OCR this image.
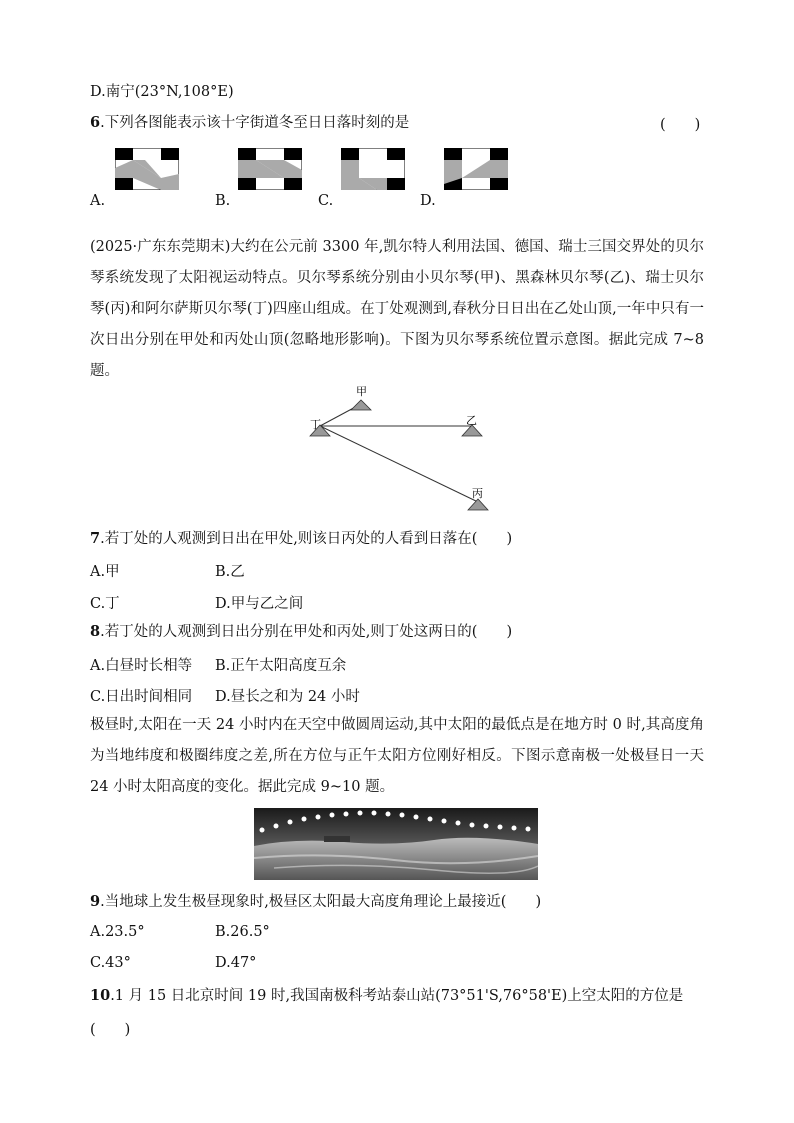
D.南宁(23°N,108°E)
6.下列各图能表示该十字街道冬至日日落时刻的是	(　　)
A.	B.	C.	D.
(2025·广东东莞期末)大约在公元前 3300 年,凯尔特人利用法国、德国、瑞士三国交界处的贝尔琴系统发现了太阳视运动特点。贝尔琴系统分别由小贝尔琴(甲)、黑森林贝尔琴(乙)、瑞士贝尔琴(丙)和阿尔萨斯贝尔琴(丁)四座山组成。在丁处观测到,春秋分日日出在乙处山顶,一年中只有一次日出分别在甲处和丙处山顶(忽略地形影响)。下图为贝尔琴系统位置示意图。据此完成 7~8 题。
甲
丁	乙
丙
7.若丁处的人观测到日出在甲处,则该日丙处的人看到日落在(　　)
A.甲	B.乙
C.丁	D.甲与乙之间
8.若丁处的人观测到日出分别在甲处和丙处,则丁处这两日的(　　)
A.白昼时长相等 B.正午太阳高度互余
C.日出时间相同 D.昼长之和为 24 小时
极昼时,太阳在一天 24 小时内在天空中做圆周运动,其中太阳的最低点是在地方时 0 时,其高度角为当地纬度和极圈纬度之差,所在方位与正午太阳方位刚好相反。下图示意南极一处极昼日一天 24 小时太阳高度的变化。据此完成 9~10 题。
9.当地球上发生极昼现象时,极昼区太阳最大高度角理论上最接近(　　)
A.23.5°	B.26.5°
C.43°	D.47°
10.1 月 15 日北京时间 19 时,我国南极科考站泰山站(73°51'S,76°58'E)上空太阳的方位是
(　　)
